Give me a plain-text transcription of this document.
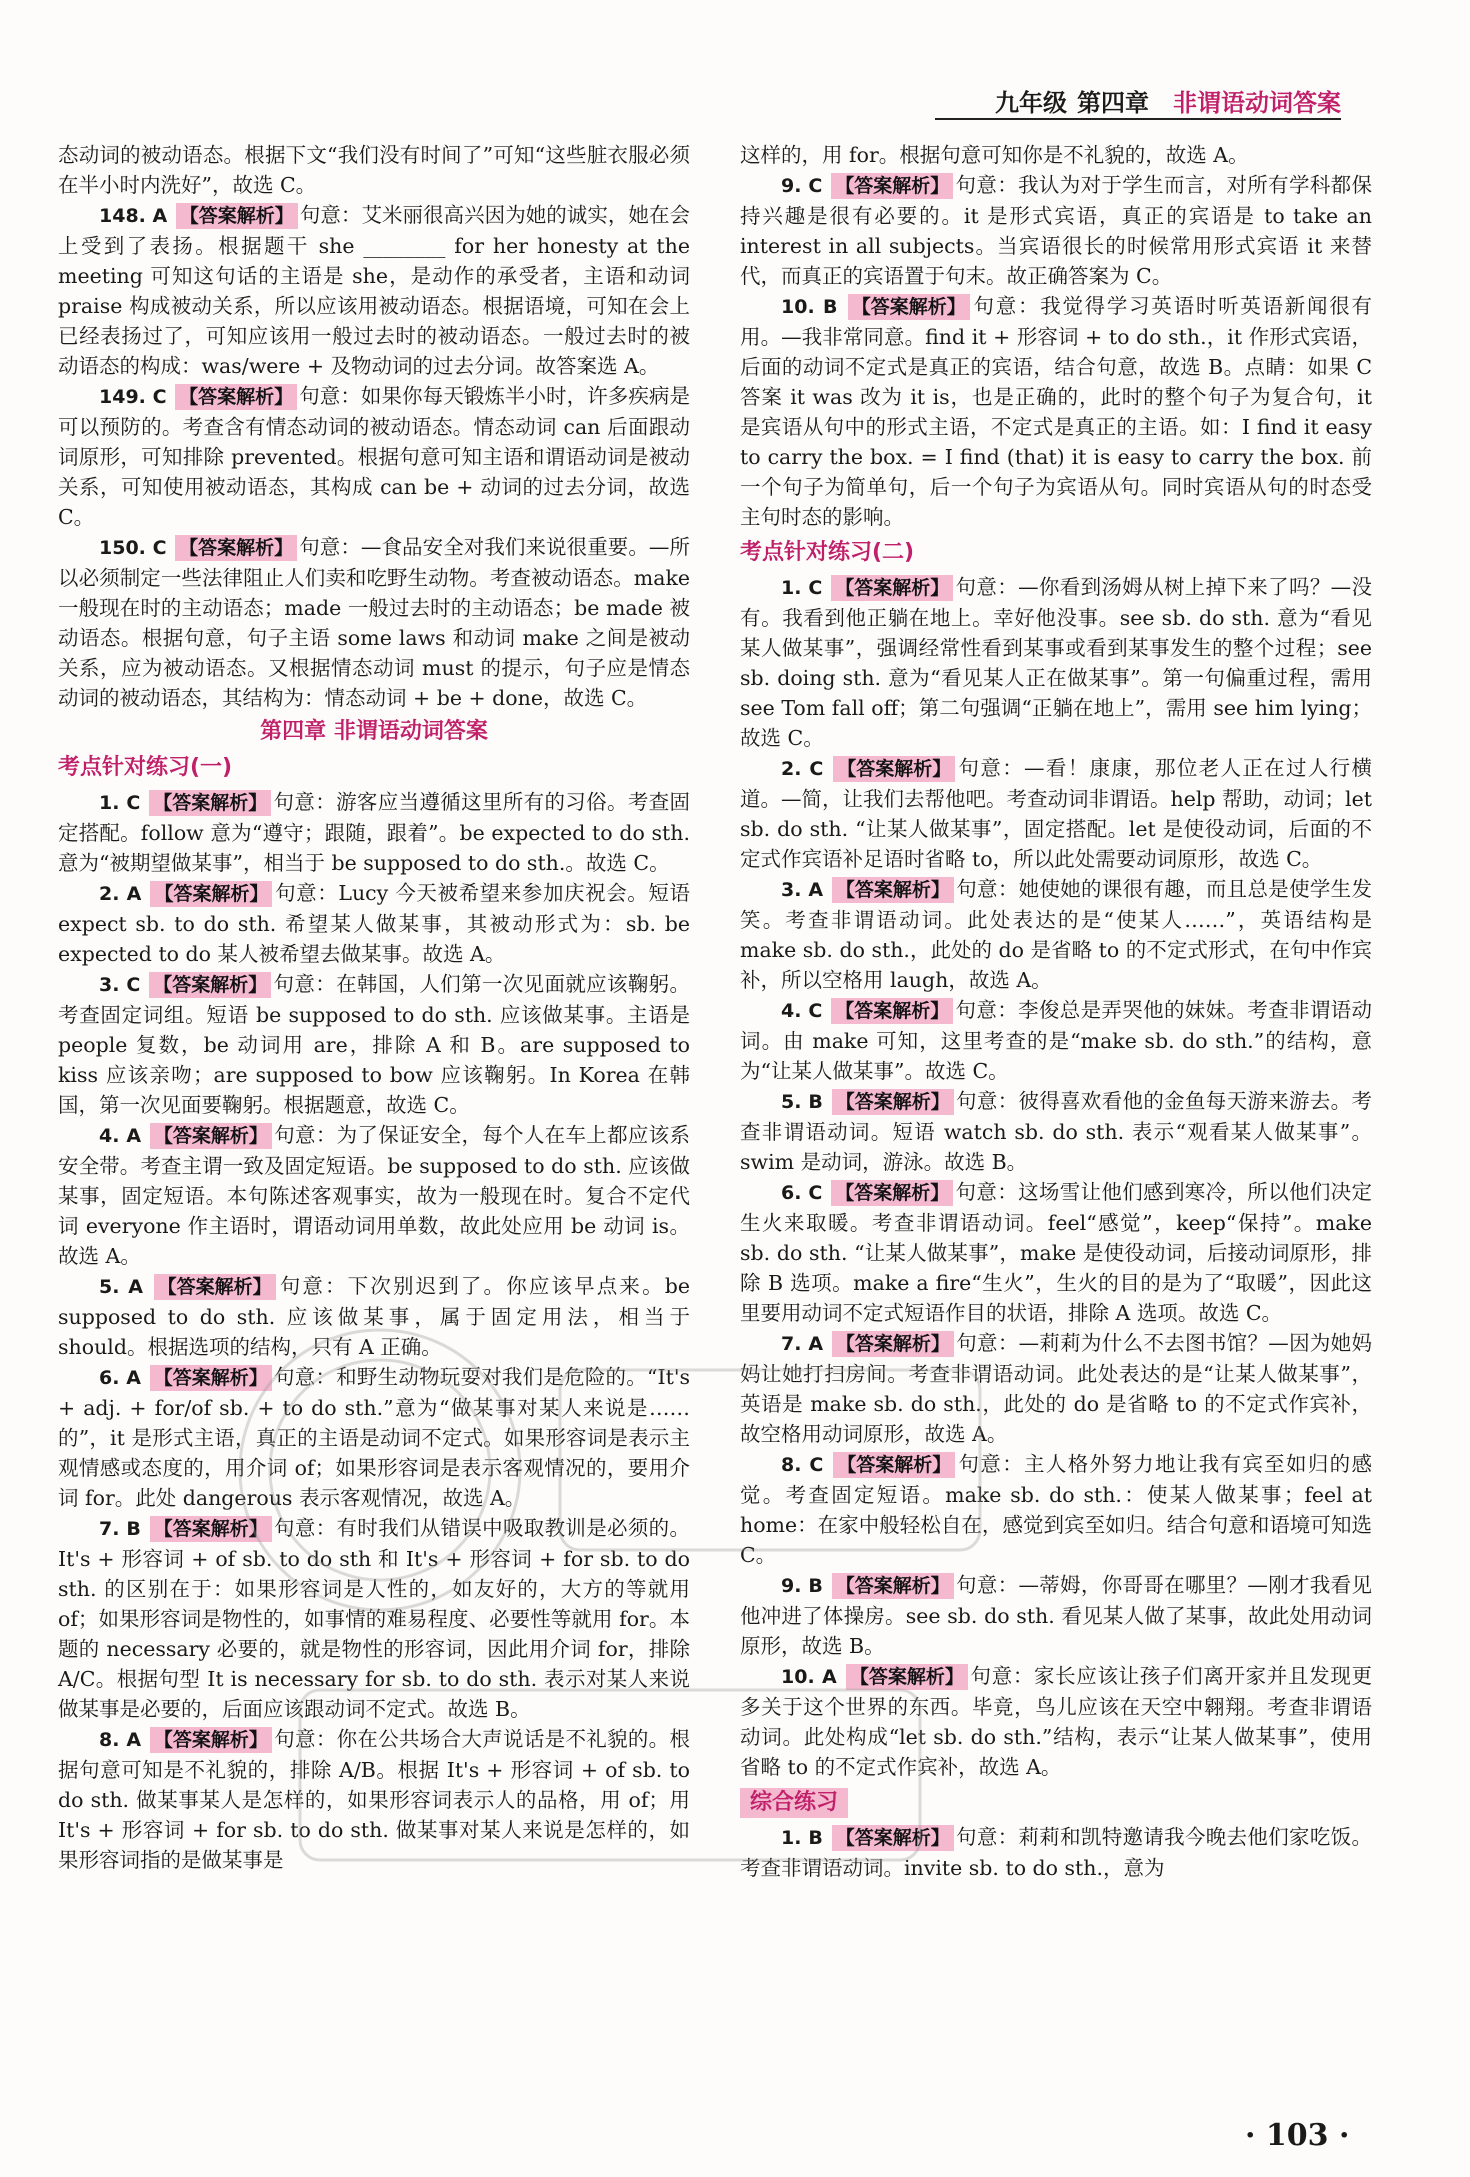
九年级 第四章 非谓语动词答案

态动词的被动语态。根据下文“我们没有时间了”可知“这些脏衣服必须在半小时内洗好”，故选 C。

148. A 【答案解析】 句意：艾米丽很高兴因为她的诚实，她在会上受到了表扬。根据题干 she ________ for her honesty at the meeting 可知这句话的主语是 she，是动作的承受者，主语和动词 praise 构成被动关系，所以应该用被动语态。根据语境，可知在会上已经表扬过了，可知应该用一般过去时的被动语态。一般过去时的被动语态的构成：was/were + 及物动词的过去分词。故答案选 A。

149. C 【答案解析】 句意：如果你每天锻炼半小时，许多疾病是可以预防的。考查含有情态动词的被动语态。情态动词 can 后面跟动词原形，可知排除 prevented。根据句意可知主语和谓语动词是被动关系，可知使用被动语态，其构成 can be + 动词的过去分词，故选 C。

150. C 【答案解析】 句意：—食品安全对我们来说很重要。—所以必须制定一些法律阻止人们卖和吃野生动物。考查被动语态。make 一般现在时的主动语态；made 一般过去时的主动语态；be made 被动语态。根据句意，句子主语 some laws 和动词 make 之间是被动关系，应为被动语态。又根据情态动词 must 的提示，句子应是情态动词的被动语态，其结构为：情态动词 + be + done，故选 C。

第四章 非谓语动词答案
考点针对练习(一)

1. C 【答案解析】 句意：游客应当遵循这里所有的习俗。考查固定搭配。follow 意为“遵守；跟随，跟着”。be expected to do sth. 意为“被期望做某事”，相当于 be supposed to do sth.。故选 C。

2. A 【答案解析】 句意：Lucy 今天被希望来参加庆祝会。短语 expect sb. to do sth. 希望某人做某事，其被动形式为：sb. be expected to do 某人被希望去做某事。故选 A。

3. C 【答案解析】 句意：在韩国，人们第一次见面就应该鞠躬。考查固定词组。短语 be supposed to do sth. 应该做某事。主语是 people 复数，be 动词用 are，排除 A 和 B。are supposed to kiss 应该亲吻；are supposed to bow 应该鞠躬。In Korea 在韩国，第一次见面要鞠躬。根据题意，故选 C。

4. A 【答案解析】 句意：为了保证安全，每个人在车上都应该系安全带。考查主谓一致及固定短语。be supposed to do sth. 应该做某事，固定短语。本句陈述客观事实，故为一般现在时。复合不定代词 everyone 作主语时，谓语动词用单数，故此处应用 be 动词 is。故选 A。

5. A 【答案解析】 句意：下次别迟到了。你应该早点来。be supposed to do sth. 应该做某事，属于固定用法，相当于 should。根据选项的结构，只有 A 正确。

6. A 【答案解析】 句意：和野生动物玩耍对我们是危险的。“It's + adj. + for/of sb. + to do sth.”意为“做某事对某人来说是……的”，it 是形式主语，真正的主语是动词不定式。如果形容词是表示主观情感或态度的，用介词 of；如果形容词是表示客观情况的，要用介词 for。此处 dangerous 表示客观情况，故选 A。

7. B 【答案解析】 句意：有时我们从错误中吸取教训是必须的。It's + 形容词 + of sb. to do sth 和 It's + 形容词 + for sb. to do sth. 的区别在于：如果形容词是人性的，如友好的，大方的等就用 of；如果形容词是物性的，如事情的难易程度、必要性等就用 for。本题的 necessary 必要的，就是物性的形容词，因此用介词 for，排除 A/C。根据句型 It is necessary for sb. to do sth. 表示对某人来说做某事是必要的，后面应该跟动词不定式。故选 B。

8. A 【答案解析】 句意：你在公共场合大声说话是不礼貌的。根据句意可知是不礼貌的，排除 A/B。根据 It's + 形容词 + of sb. to do sth. 做某事某人是怎样的，如果形容词表示人的品格，用 of；用 It's + 形容词 + for sb. to do sth. 做某事对某人来说是怎样的，如果形容词指的是做某事是

这样的，用 for。根据句意可知你是不礼貌的，故选 A。

9. C 【答案解析】 句意：我认为对于学生而言，对所有学科都保持兴趣是很有必要的。it 是形式宾语，真正的宾语是 to take an interest in all subjects。当宾语很长的时候常用形式宾语 it 来替代，而真正的宾语置于句末。故正确答案为 C。

10. B 【答案解析】 句意：我觉得学习英语时听英语新闻很有用。—我非常同意。find it + 形容词 + to do sth.，it 作形式宾语，后面的动词不定式是真正的宾语，结合句意，故选 B。点睛：如果 C 答案 it was 改为 it is，也是正确的，此时的整个句子为复合句，it 是宾语从句中的形式主语，不定式是真正的主语。如：I find it easy to carry the box. = I find (that) it is easy to carry the box. 前一个句子为简单句，后一个句子为宾语从句。同时宾语从句的时态受主句时态的影响。

考点针对练习(二)

1. C 【答案解析】 句意：—你看到汤姆从树上掉下来了吗？—没有。我看到他正躺在地上。幸好他没事。see sb. do sth. 意为“看见某人做某事”，强调经常性看到某事或看到某事发生的整个过程；see sb. doing sth. 意为“看见某人正在做某事”。第一句偏重过程，需用 see Tom fall off；第二句强调“正躺在地上”，需用 see him lying；故选 C。

2. C 【答案解析】 句意：—看！康康，那位老人正在过人行横道。—简，让我们去帮他吧。考查动词非谓语。help 帮助，动词；let sb. do sth. “让某人做某事”，固定搭配。let 是使役动词，后面的不定式作宾语补足语时省略 to，所以此处需要动词原形，故选 C。

3. A 【答案解析】 句意：她使她的课很有趣，而且总是使学生发笑。考查非谓语动词。此处表达的是“使某人……”，英语结构是 make sb. do sth.，此处的 do 是省略 to 的不定式形式，在句中作宾补，所以空格用 laugh，故选 A。

4. C 【答案解析】 句意：李俊总是弄哭他的妹妹。考查非谓语动词。由 make 可知，这里考查的是“make sb. do sth.”的结构，意为“让某人做某事”。故选 C。

5. B 【答案解析】 句意：彼得喜欢看他的金鱼每天游来游去。考查非谓语动词。短语 watch sb. do sth. 表示“观看某人做某事”。swim 是动词，游泳。故选 B。

6. C 【答案解析】 句意：这场雪让他们感到寒冷，所以他们决定生火来取暖。考查非谓语动词。feel“感觉”，keep“保持”。make sb. do sth. “让某人做某事”，make 是使役动词，后接动词原形，排除 B 选项。make a fire“生火”，生火的目的是为了“取暖”，因此这里要用动词不定式短语作目的状语，排除 A 选项。故选 C。

7. A 【答案解析】 句意：—莉莉为什么不去图书馆？—因为她妈妈让她打扫房间。考查非谓语动词。此处表达的是“让某人做某事”，英语是 make sb. do sth.，此处的 do 是省略 to 的不定式作宾补，故空格用动词原形，故选 A。

8. C 【答案解析】 句意：主人格外努力地让我有宾至如归的感觉。考查固定短语。make sb. do sth.：使某人做某事；feel at home：在家中般轻松自在，感觉到宾至如归。结合句意和语境可知选 C。

9. B 【答案解析】 句意：—蒂姆，你哥哥在哪里？—刚才我看见他冲进了体操房。see sb. do sth. 看见某人做了某事，故此处用动词原形，故选 B。

10. A 【答案解析】 句意：家长应该让孩子们离开家并且发现更多关于这个世界的东西。毕竟，鸟儿应该在天空中翱翔。考查非谓语动词。此处构成“let sb. do sth.”结构，表示“让某人做某事”，使用省略 to 的不定式作宾补，故选 A。

综合练习

1. B 【答案解析】 句意：莉莉和凯特邀请我今晚去他们家吃饭。考查非谓语动词。invite sb. to do sth.，意为

· 103 ·
